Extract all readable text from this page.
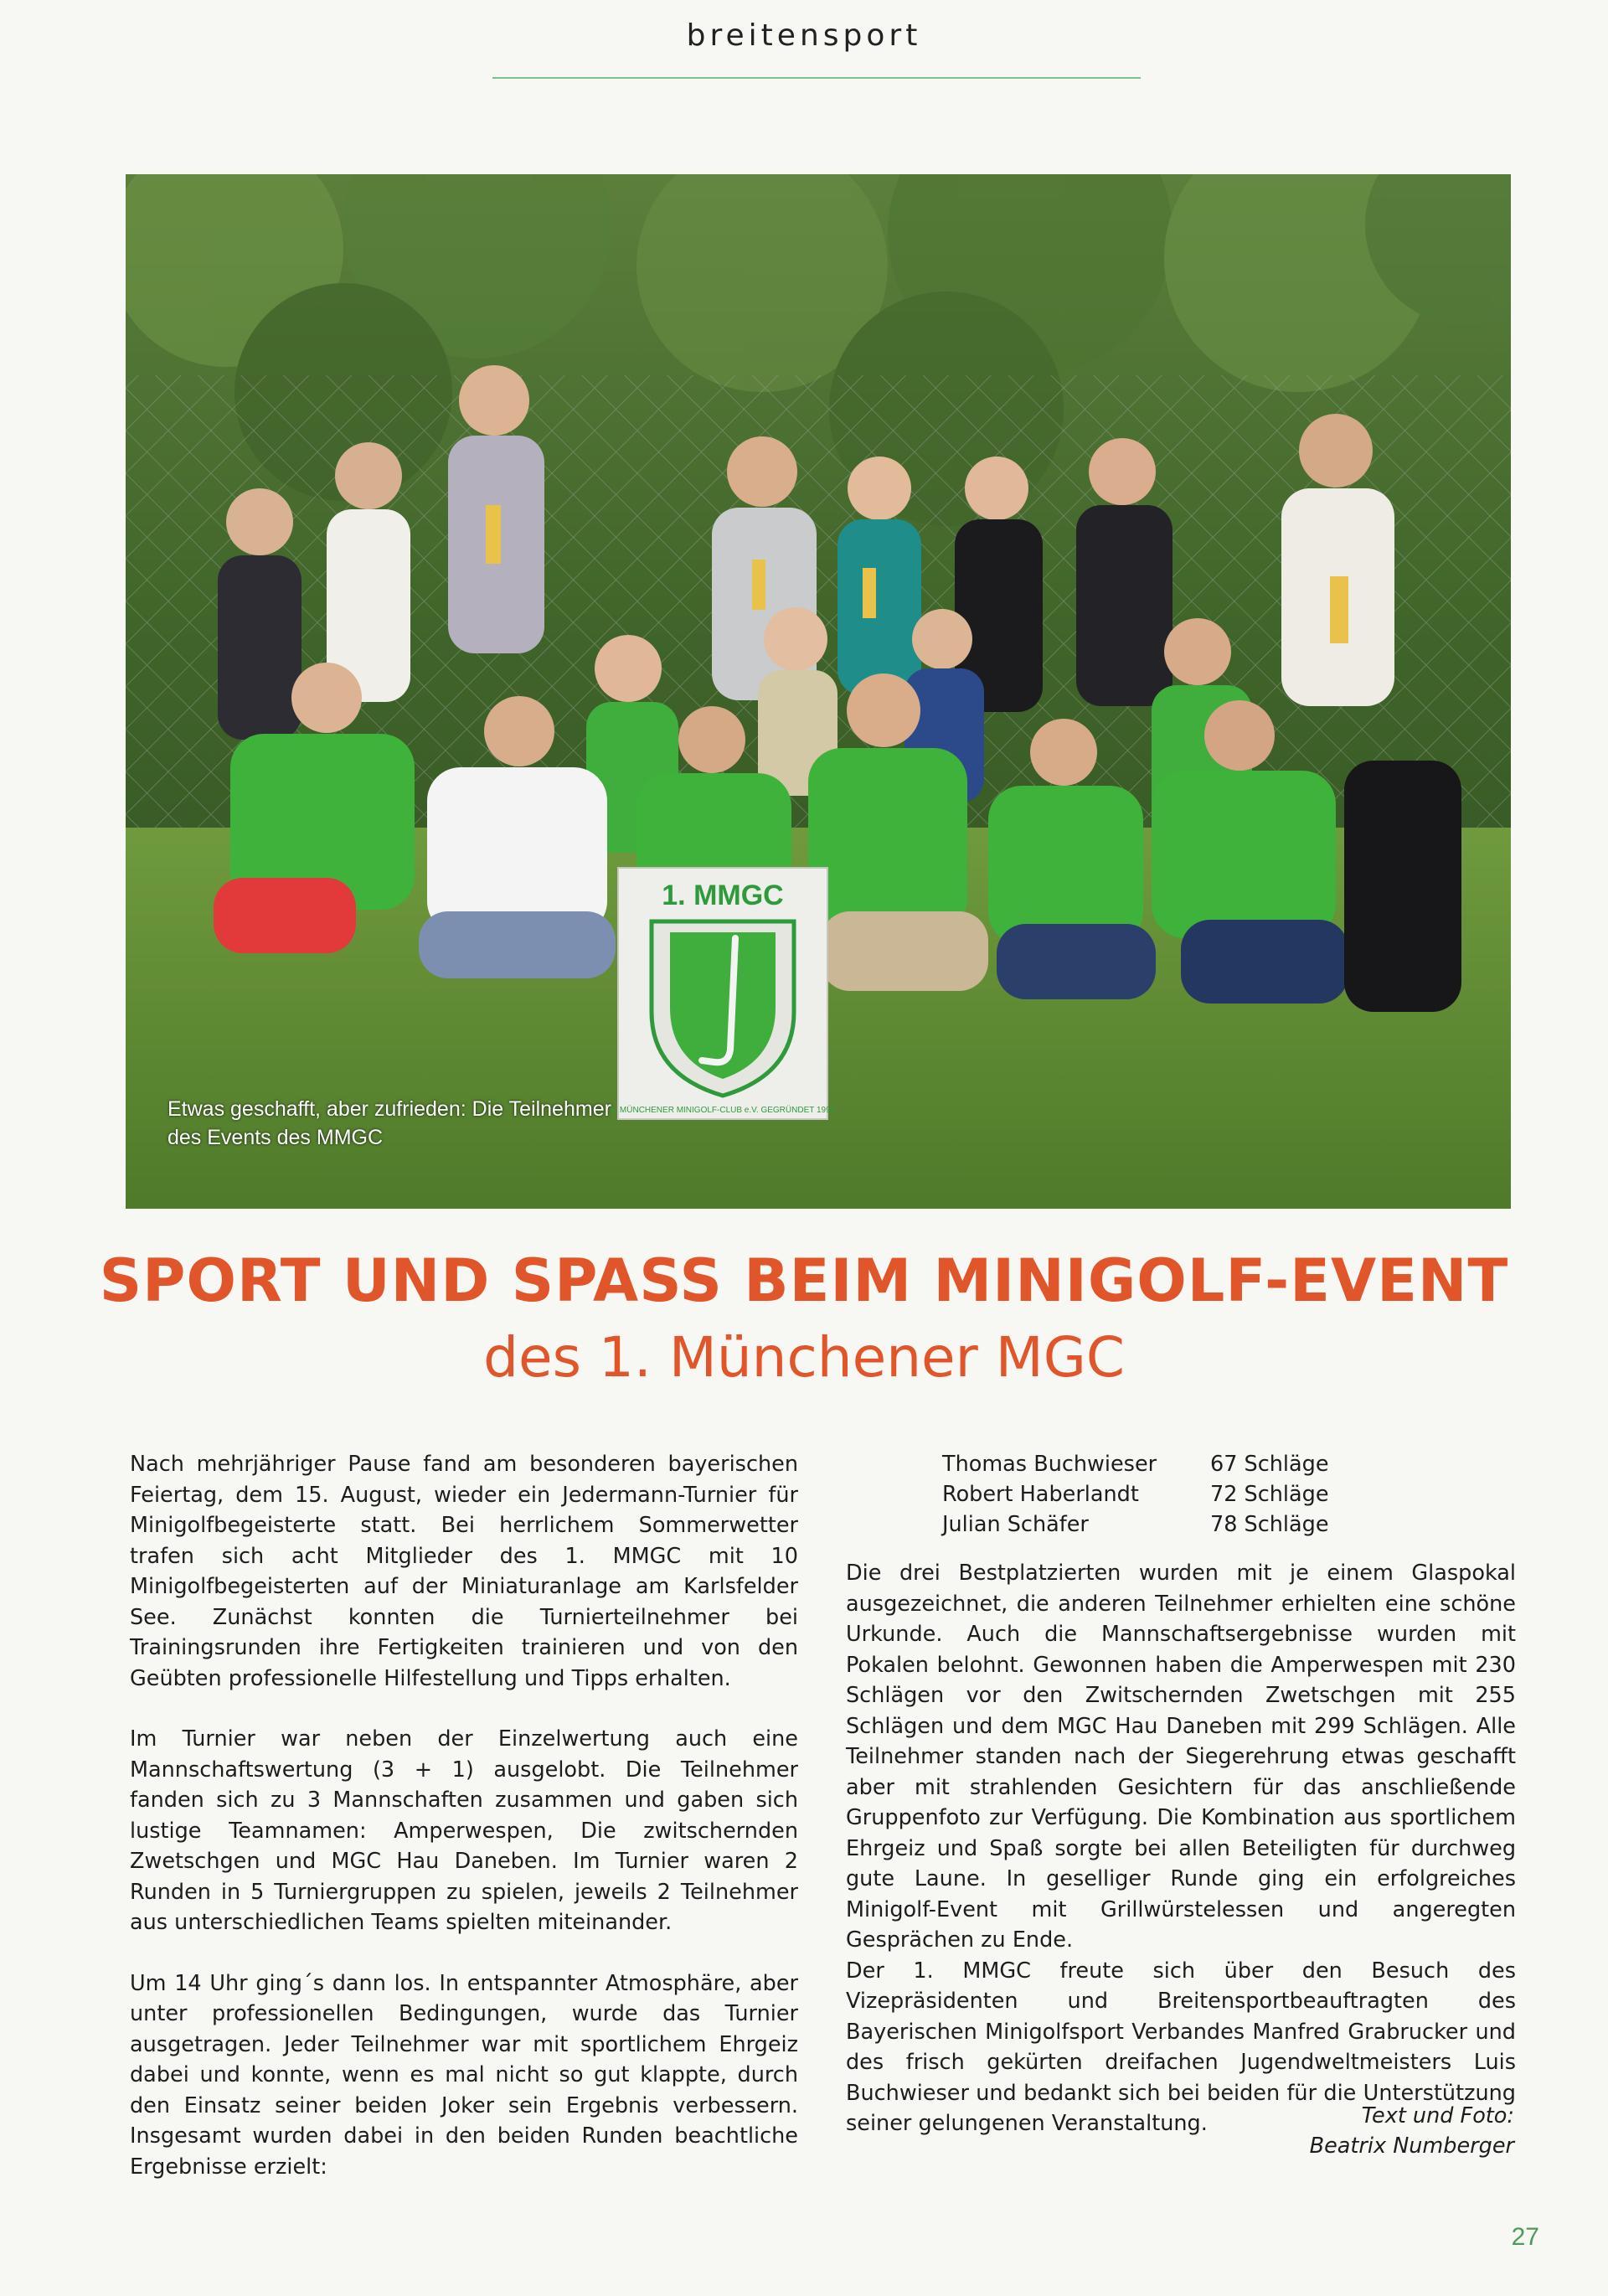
breitensport
1. MMGC
1. MÜNCHENER MINIGOLF-CLUB e.V. GEGRÜNDET 1992
Etwas geschafft, aber zufrieden: Die Teilnehmer des Events des MMGC
SPORT UND SPASS BEIM MINIGOLF-EVENT
des 1. Münchener MGC

Nach mehrjähriger Pause fand am besonderen bayerischen Feiertag, dem 15. August, wieder ein Jedermann-Turnier für Minigolfbegeisterte statt. Bei herrlichem Sommerwetter trafen sich acht Mitglieder des 1. MMGC mit 10 Minigolfbegeisterten auf der Miniaturanlage am Karlsfelder See. Zunächst konnten die Turnierteilnehmer bei Trainingsrunden ihre Fertigkeiten trainieren und von den Geübten professionelle Hilfestellung und Tipps erhalten.

Im Turnier war neben der Einzelwertung auch eine Mannschaftswertung (3 + 1) ausgelobt. Die Teilnehmer fanden sich zu 3 Mannschaften zusammen und gaben sich lustige Teamnamen: Amperwespen, Die zwitschernden Zwetschgen und MGC Hau Daneben. Im Turnier waren 2 Runden in 5 Turniergruppen zu spielen, jeweils 2 Teilnehmer aus unterschiedlichen Teams spielten miteinander.

Um 14 Uhr ging´s dann los. In entspannter Atmosphäre, aber unter professionellen Bedingungen, wurde das Turnier ausgetragen. Jeder Teilnehmer war mit sportlichem Ehrgeiz dabei und konnte, wenn es mal nicht so gut klappte, durch den Einsatz seiner beiden Joker sein Ergebnis verbessern. Insgesamt wurden dabei in den beiden Runden beachtliche Ergebnisse erzielt:

Thomas Buchwieser	67 Schläge
Robert Haberlandt	72 Schläge
Julian Schäfer	78 Schläge

Die drei Bestplatzierten wurden mit je einem Glaspokal ausgezeichnet, die anderen Teilnehmer erhielten eine schöne Urkunde. Auch die Mannschaftsergebnisse wurden mit Pokalen belohnt. Gewonnen haben die Amperwespen mit 230 Schlägen vor den Zwitschernden Zwetschgen mit 255 Schlägen und dem MGC Hau Daneben mit 299 Schlägen. Alle Teilnehmer standen nach der Siegerehrung etwas geschafft aber mit strahlenden Gesichtern für das anschließende Gruppenfoto zur Verfügung. Die Kombination aus sportlichem Ehrgeiz und Spaß sorgte bei allen Beteiligten für durchweg gute Laune. In geselliger Runde ging ein erfolgreiches Minigolf-Event mit Grillwürstelessen und angeregten Gesprächen zu Ende.

Der 1. MMGC freute sich über den Besuch des Vizepräsidenten und Breitensportbeauftragten des Bayerischen Minigolfsport Verbandes Manfred Grabrucker und des frisch gekürten dreifachen Jugendweltmeisters Luis Buchwieser und bedankt sich bei beiden für die Unterstützung seiner gelungenen Veranstaltung.	Text und Foto:
Beatrix Numberger
27
